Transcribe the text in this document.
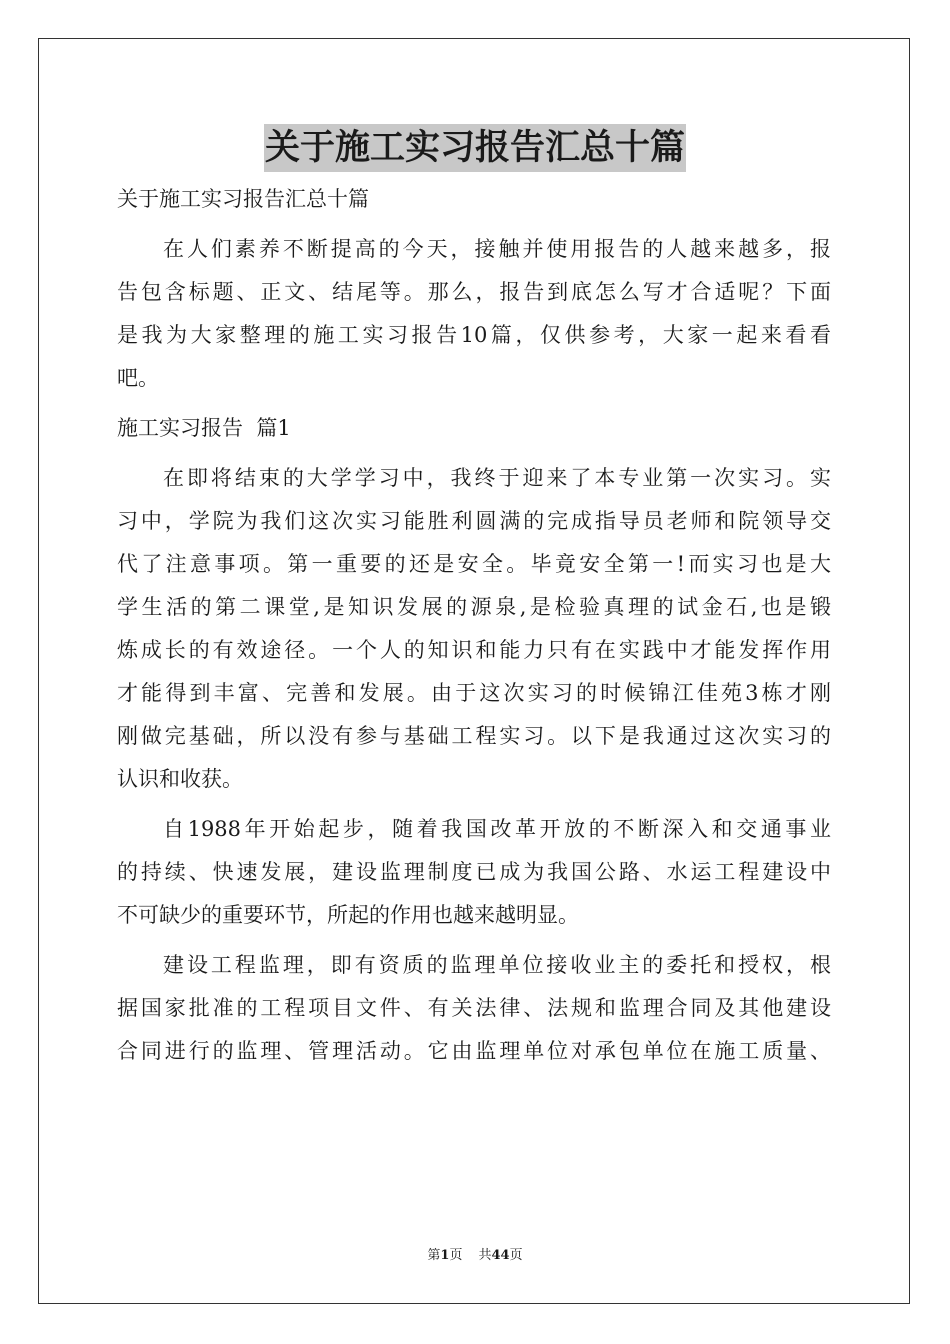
关于施工实习报告汇总十篇
关于施工实习报告汇总十篇
在人们素养不断提高的今天，接触并使用报告的人越来越多，报
告包含标题、正文、结尾等。那么，报告到底怎么写才合适呢？下面
是我为大家整理的施工实习报告10篇，仅供参考，大家一起来看看
吧。
施工实习报告  篇1
在即将结束的大学学习中，我终于迎来了本专业第一次实习。实
习中，学院为我们这次实习能胜利圆满的完成指导员老师和院领导交
代了注意事项。第一重要的还是安全。毕竟安全第一!而实习也是大
学生活的第二课堂,是知识发展的源泉,是检验真理的试金石,也是锻
炼成长的有效途径。一个人的知识和能力只有在实践中才能发挥作用
才能得到丰富、完善和发展。由于这次实习的时候锦江佳苑3栋才刚
刚做完基础，所以没有参与基础工程实习。以下是我通过这次实习的
认识和收获。
自1988年开始起步，随着我国改革开放的不断深入和交通事业
的持续、快速发展，建设监理制度已成为我国公路、水运工程建设中
不可缺少的重要环节，所起的作用也越来越明显。
建设工程监理，即有资质的监理单位接收业主的委托和授权，根
据国家批准的工程项目文件、有关法律、法规和监理合同及其他建设
合同进行的监理、管理活动。它由监理单位对承包单位在施工质量、
第1页 共44页
